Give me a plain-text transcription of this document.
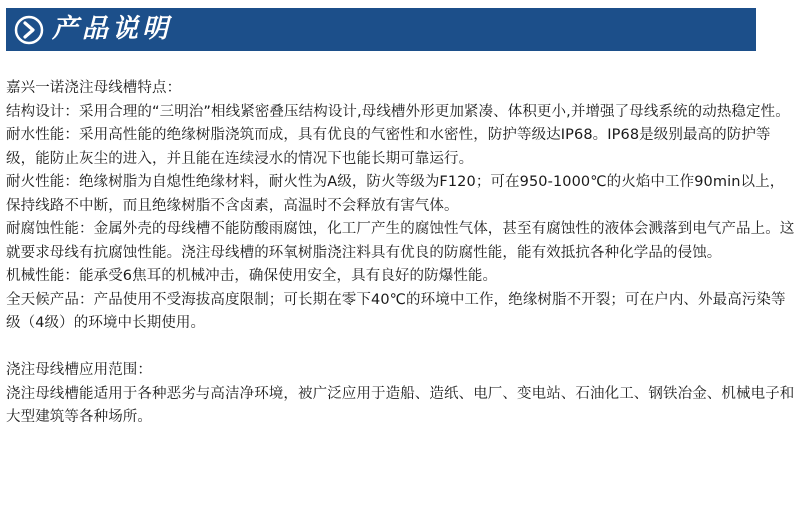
产品说明

嘉兴一诺浇注母线槽特点：

结构设计：采用合理的“三明治”相线紧密叠压结构设计,母线槽外形更加紧凑、体积更小,并增强了母线系统的动热稳定性。

耐水性能：采用高性能的绝缘树脂浇筑而成，具有优良的气密性和水密性，防护等级达IP68。IP68是级别最高的防护等级，能防止灰尘的进入，并且能在连续浸水的情况下也能长期可靠运行。

耐火性能：绝缘树脂为自熄性绝缘材料，耐火性为A级，防火等级为F120；可在950-1000℃的火焰中工作90min以上，保持线路不中断，而且绝缘树脂不含卤素，高温时不会释放有害气体。

耐腐蚀性能：金属外壳的母线槽不能防酸雨腐蚀，化工厂产生的腐蚀性气体，甚至有腐蚀性的液体会溅落到电气产品上。这就要求母线有抗腐蚀性能。浇注母线槽的环氧树脂浇注料具有优良的防腐性能，能有效抵抗各种化学品的侵蚀。

机械性能：能承受6焦耳的机械冲击，确保使用安全，具有良好的防爆性能。

全天候产品：产品使用不受海拔高度限制；可长期在零下40℃的环境中工作，绝缘树脂不开裂；可在户内、外最高污染等级（4级）的环境中长期使用。

浇注母线槽应用范围：

浇注母线槽能适用于各种恶劣与高洁净环境，被广泛应用于造船、造纸、电厂、变电站、石油化工、钢铁冶金、机械电子和大型建筑等各种场所。
